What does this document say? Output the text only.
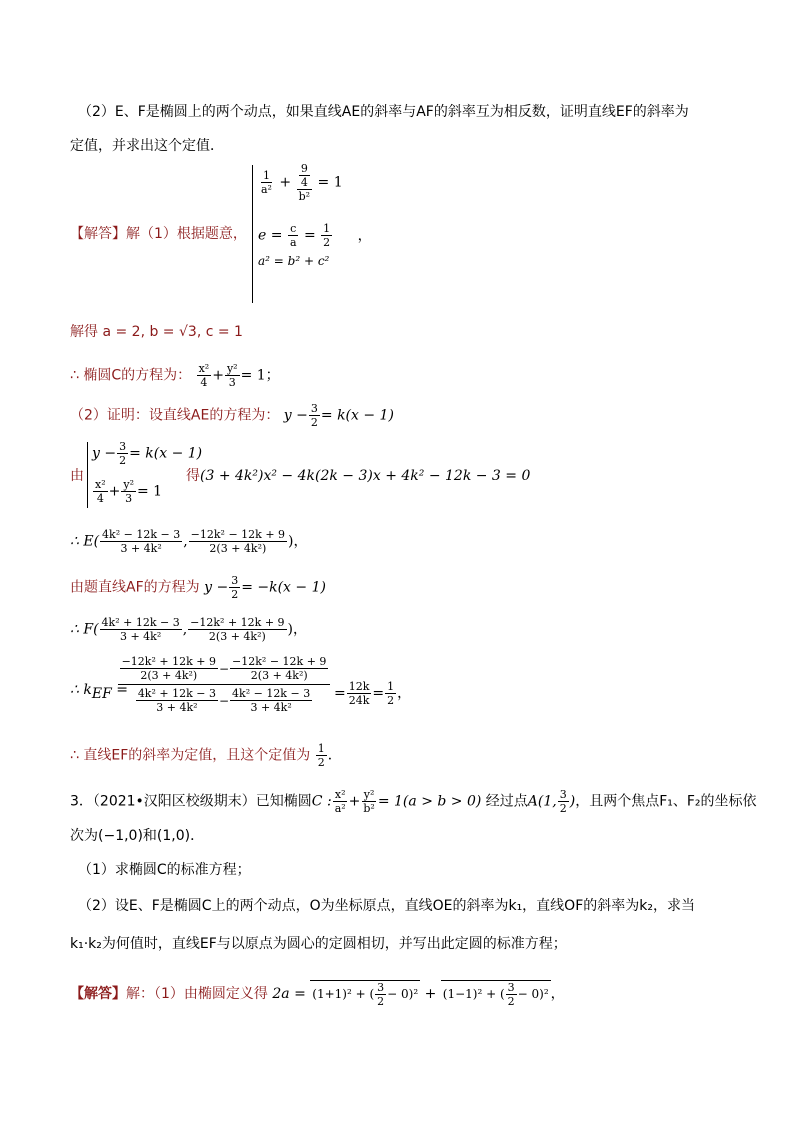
（2）E、F是椭圆上的两个动点，如果直线AE的斜率与AF的斜率互为相反数，证明直线EF的斜率为
定值，并求出这个定值．
【解答】解（1）根据题意，
$\frac{1}{\text{a²}} + \frac{\frac{9}{4}}{\text{b²}} = 1$
$e = \frac{c}{a} = \frac{1}{2}$ ，
a² = b² + c²
解得 a = 2, b = √3, c = 1
∴ 椭圆C的方程为： $\frac{\text{x²}}{4} + \frac{\text{y²}}{3} = 1$；
（2）证明：设直线AE的方程为： $y - \frac{3}{2} = k(x - 1)$
由
$y - \frac{3}{2} = k(x - 1)$
$\frac{\text{x²}}{4} + \frac{\text{y²}}{3} = 1$
得(3 + 4k²)x² − 4k(2k − 3)x + 4k² − 12k − 3 = 0
∴ $E( \frac{\text{4k² − 12k − 3}}{\text{3 + 4k²}}$ , $\frac{\text{−12k² − 12k + 9}}{\text{2(3 + 4k²)}}$ )，
由题直线AF的方程为 $y - \frac{3}{2} = -k(x - 1)$
∴ $F( \frac{\text{4k² + 12k − 3}}{\text{3 + 4k²}}$ , $\frac{\text{−12k² + 12k + 9}}{\text{2(3 + 4k²)}}$ )，
∴ $k_{EF}$ =
$\frac{\text{−12k² + 12k + 9}}{\text{2(3 + 4k²)}} - \frac{\text{−12k² − 12k + 9}}{\text{2(3 + 4k²)}}$
$\frac{\text{4k² + 12k − 3}}{\text{3 + 4k²}} - \frac{\text{4k² − 12k − 3}}{\text{3 + 4k²}} = \frac{12k}{24k} = \frac{1}{2}$ ，
∴ 直线EF的斜率为定值，且这个定值为 $\frac{1}{2}$ ．
3．（2021•汉阳区校级期末）已知椭圆C : $\frac{\text{x²}}{\text{a²}} + \frac{\text{y²}}{\text{b²}} = 1(a > b > 0)$ 经过点A(1, $\frac{3}{2}$ )，且两个焦点F₁、F₂的坐标依
次为(−1,0)和(1,0)．
（1）求椭圆C的标准方程；
（2）设E、F是椭圆C上的两个动点，O为坐标原点，直线OE的斜率为k₁，直线OF的斜率为k₂，求当
k₁·k₂为何值时，直线EF与以原点为圆心的定圆相切，并写出此定圆的标准方程；
【解答】解：（1）由椭圆定义得 2a = (1+1)² + ( $\frac{3}{2} - 0)^2 + (1-1)^2$ + ( $\frac{3}{2} - 0)^2$ ，
